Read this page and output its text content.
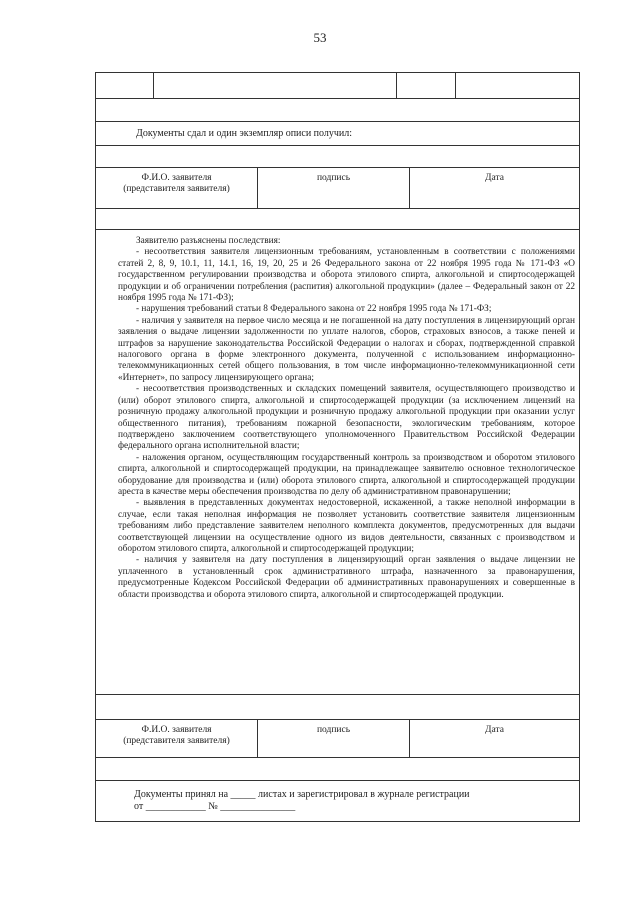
53
Документы сдал и один экземпляр описи получил:
Ф.И.О. заявителя
(представителя заявителя)
подпись	Дата

Заявителю разъяснены последствия:

- несоответствия заявителя лицензионным требованиям, установленным в соответствии с положениями статей 2, 8, 9, 10.1, 11, 14.1, 16, 19, 20, 25 и 26 Федерального закона от 22 ноября 1995 года № 171-ФЗ «О государственном регулировании производства и оборота этилового спирта, алкогольной и спиртосодержащей продукции и об ограничении потребления (распития) алкогольной продукции» (далее – Федеральный закон от 22 ноября 1995 года № 171-ФЗ);

- нарушения требований статьи 8 Федерального закона от 22 ноября 1995 года № 171-ФЗ;

- наличия у заявителя на первое число месяца и не погашенной на дату поступления в лицензирующий орган заявления о выдаче лицензии задолженности по уплате налогов, сборов, страховых взносов, а также пеней и штрафов за нарушение законодательства Российской Федерации о налогах и сборах, подтвержденной справкой налогового органа в форме электронного документа, полученной с использованием информационно-телекоммуникационных сетей общего пользования, в том числе информационно-телекоммуникационной сети «Интернет», по запросу лицензирующего органа;

- несоответствия производственных и складских помещений заявителя, осуществляющего производство и (или) оборот этилового спирта, алкогольной и спиртосодержащей продукции (за исключением лицензий на розничную продажу алкогольной продукции и розничную продажу алкогольной продукции при оказании услуг общественного питания), требованиям пожарной безопасности, экологическим требованиям, которое подтверждено заключением соответствующего уполномоченного Правительством Российской Федерации федерального органа исполнительной власти;

- наложения органом, осуществляющим государственный контроль за производством и оборотом этилового спирта, алкогольной и спиртосодержащей продукции, на принадлежащее заявителю основное технологическое оборудование для производства и (или) оборота этилового спирта, алкогольной и спиртосодержащей продукции ареста в качестве меры обеспечения производства по делу об административном правонарушении;

- выявления в представленных документах недостоверной, искаженной, а также неполной информации в случае, если такая неполная информация не позволяет установить соответствие заявителя лицензионным требованиям либо представление заявителем неполного комплекта документов, предусмотренных для выдачи соответствующей лицензии на осуществление одного из видов деятельности, связанных с производством и оборотом этилового спирта, алкогольной и спиртосодержащей продукции;

- наличия у заявителя на дату поступления в лицензирующий орган заявления о выдаче лицензии не уплаченного в установленный срок административного штрафа, назначенного за правонарушения, предусмотренные Кодексом Российской Федерации об административных правонарушениях и совершенные в области производства и оборота этилового спирта, алкогольной и спиртосодержащей продукции.

Ф.И.О. заявителя
(представителя заявителя)
подпись	Дата
Документы принял на _____ листах и зарегистрировал в журнале регистрации
от ____________ № _______________
